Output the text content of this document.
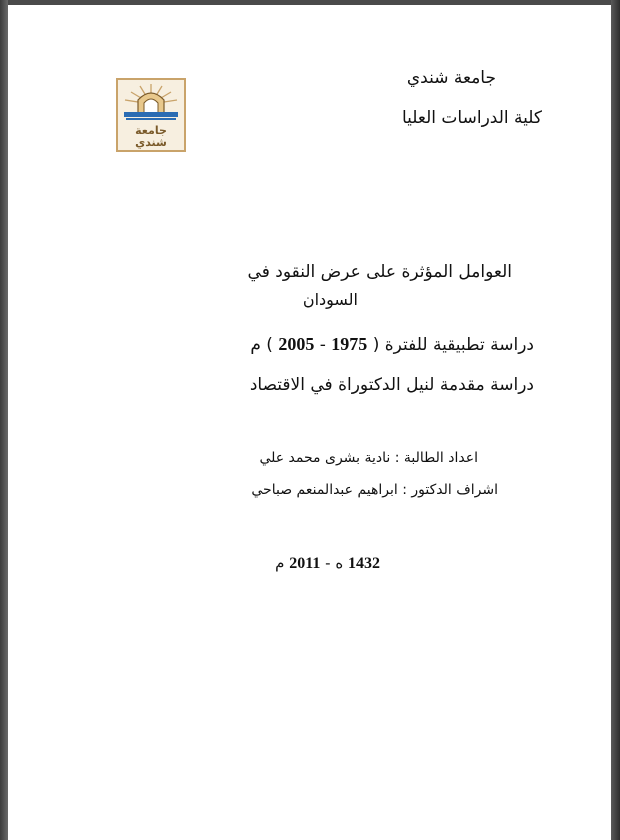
جامعة
شندي
جامعة شندي
كلية الدراسات العليا
العوامل المؤثرة على عرض النقود في
السودان
دراسة تطبيقية للفترة ( 1975 - 2005 ) م
دراسة مقدمة لنيل الدكتوراة في الاقتصاد
اعداد الطالبة : نادية بشرى محمد علي
اشراف الدكتور : ابراهيم عبدالمنعم صباحي
1432 ه - 2011 م
